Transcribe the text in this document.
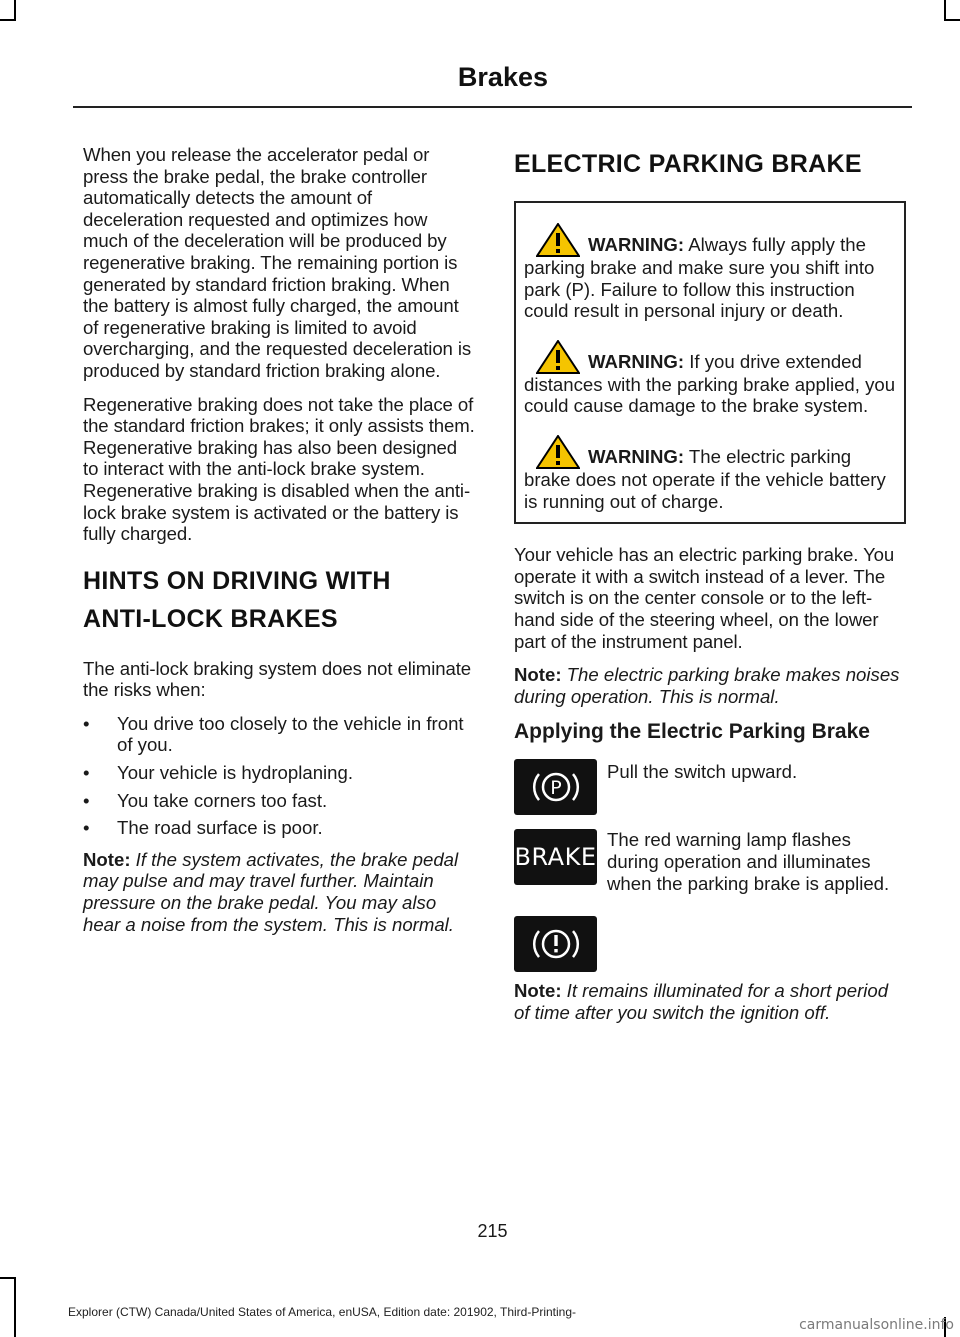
Brakes

When you release the accelerator pedal or press the brake pedal, the brake controller automatically detects the amount of deceleration requested and optimizes how much of the deceleration will be produced by regenerative braking. The remaining portion is generated by standard friction braking. When the battery is almost fully charged, the amount of regenerative braking is limited to avoid overcharging, and the requested deceleration is produced by standard friction braking alone.

Regenerative braking does not take the place of the standard friction brakes; it only assists them. Regenerative braking has also been designed to interact with the anti-lock brake system. Regenerative braking is disabled when the anti-lock brake system is activated or the battery is fully charged.

HINTS ON DRIVING WITH
ANTI-LOCK BRAKES

The anti-lock braking system does not eliminate the risks when:

• You drive too closely to the vehicle in front of you.
• Your vehicle is hydroplaning.
• You take corners too fast.
• The road surface is poor.

Note: If the system activates, the brake pedal may pulse and may travel further. Maintain pressure on the brake pedal. You may also hear a noise from the system. This is normal.

ELECTRIC PARKING BRAKE
WARNING: Always fully apply the parking brake and make sure you shift into park (P). Failure to follow this instruction could result in personal injury or death.
WARNING: If you drive extended distances with the parking brake applied, you could cause damage to the brake system.
WARNING: The electric parking brake does not operate if the vehicle battery is running out of charge.

Your vehicle has an electric parking brake. You operate it with a switch instead of a lever. The switch is on the center console or to the left-hand side of the steering wheel, on the lower part of the instrument panel.

Note: The electric parking brake makes noises during operation. This is normal.

Applying the Electric Parking Brake
P
Pull the switch upward.
BRAKE
The red warning lamp flashes during operation and illuminates when the parking brake is applied.

Note: It remains illuminated for a short period of time after you switch the ignition off.

215
Explorer (CTW) Canada/United States of America, enUSA, Edition date: 201902, Third-Printing-
carmanualsonline.info
